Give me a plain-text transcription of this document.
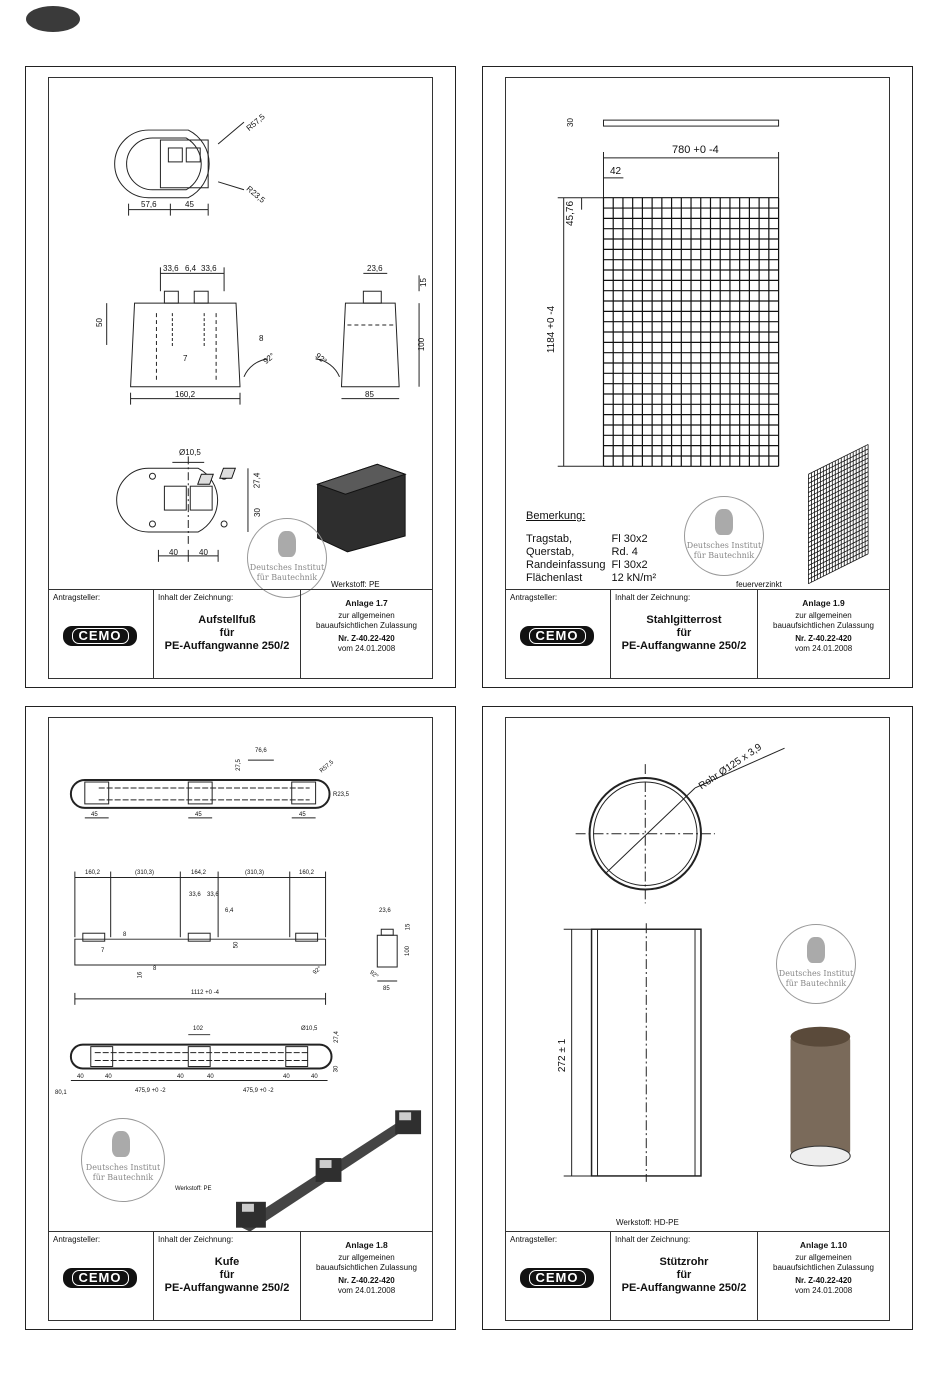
R57,5
R23,5
57,6	45
33,6 6,4 33,6	23,6
15
50
8
7
100
92°	92°
160,2	85
Ø10,5
27,4
30
40	40
Deutsches Institut
für Bautechnik
Werkstoff: PE
Antragsteller:
CEMO
Inhalt der Zeichnung:
Aufstellfuß
für
PE-Auffangwanne 250/2
Anlage 1.7
zur allgemeinen
bauaufsichtlichen Zulassung
Nr. Z-40.22-420
vom 24.01.2008
30
780 +0 -4
42
45,76
1184 +0 -4
Bemerkung:
Tragstab,	Fl 30x2
Querstab,	Rd. 4
Randeinfassung	Fl 30x2
Flächenlast	12 kN/m²
Deutsches Institut
für Bautechnik
feuerverzinkt
Antragsteller:
CEMO
Inhalt der Zeichnung:
Stahlgitterrost
für
PE-Auffangwanne 250/2
Anlage 1.9
zur allgemeinen
bauaufsichtlichen Zulassung
Nr. Z-40.22-420
vom 24.01.2008
76,6
27,5	R57,5
R23,5
45	45	45
160,2	(310,3)	164,2	(310,3)	160,2
33,6 33,6
6,4
8
50
7
16
8	92°
1112 +0 -4
23,6
15
100
92°
85
102	Ø10,5
27,4
30
40	40	40	40	40	40
80,1	475,9 +0 -2	475,9 +0 -2
Deutsches Institut
für Bautechnik
Werkstoff: PE
Antragsteller:
CEMO
Inhalt der Zeichnung:
Kufe
für
PE-Auffangwanne 250/2
Anlage 1.8
zur allgemeinen
bauaufsichtlichen Zulassung
Nr. Z-40.22-420
vom 24.01.2008
Rohr Ø125 x 3,9
272 ± 1
Deutsches Institut
für Bautechnik
Werkstoff: HD-PE
Antragsteller:
CEMO
Inhalt der Zeichnung:
Stützrohr
für
PE-Auffangwanne 250/2
Anlage 1.10
zur allgemeinen
bauaufsichtlichen Zulassung
Nr. Z-40.22-420
vom 24.01.2008
